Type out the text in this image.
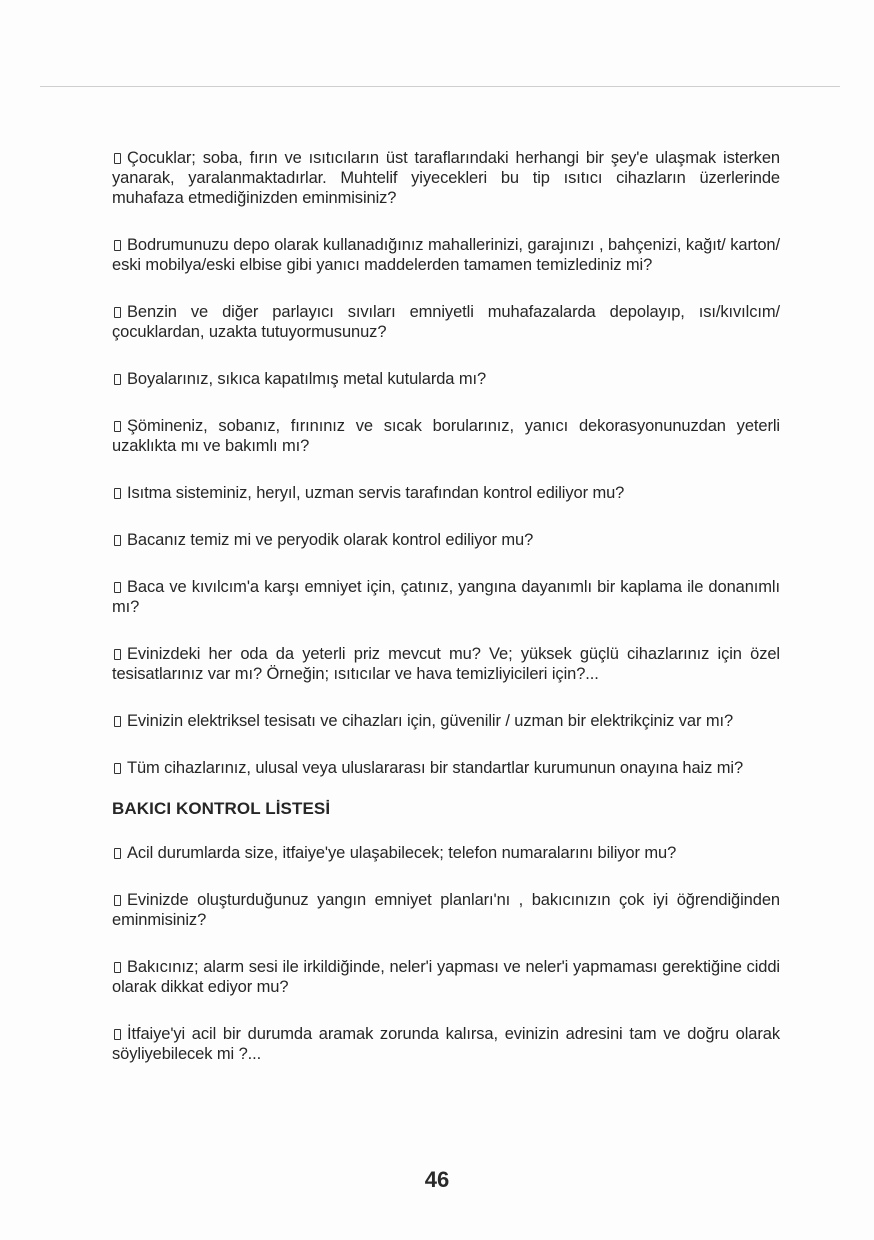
Çocuklar; soba, fırın ve ısıtıcıların üst taraflarındaki herhangi bir şey'e ulaşmak isterken yanarak, yaralanmaktadırlar. Muhtelif yiyecekleri bu tip ısıtıcı cihazların üzerlerinde muhafaza etmediğinizden eminmisiniz?
Bodrumunuzu depo olarak kullanadığınız mahallerinizi, garajınızı , bahçenizi, kağıt/ karton/ eski mobilya/eski elbise gibi yanıcı maddelerden tamamen temizlediniz mi?
Benzin ve diğer parlayıcı sıvıları emniyetli muhafazalarda depolayıp, ısı/kıvılcım/çocuklardan, uzakta tutuyormusunuz?
Boyalarınız, sıkıca kapatılmış metal kutularda mı?
Şömineniz, sobanız, fırınınız ve sıcak borularınız, yanıcı dekorasyonunuzdan yeterli uzaklıkta mı ve bakımlı mı?
Isıtma sisteminiz, heryıl, uzman servis tarafından kontrol ediliyor mu?
Bacanız temiz mi ve peryodik olarak kontrol ediliyor mu?
Baca ve kıvılcım'a karşı emniyet için, çatınız, yangına dayanımlı bir kaplama ile donanımlı mı?
Evinizdeki her oda da yeterli priz mevcut mu? Ve; yüksek güçlü cihazlarınız için özel tesisatlarınız var mı? Örneğin; ısıtıcılar ve hava temizliyicileri için?...
Evinizin elektriksel tesisatı ve cihazları için, güvenilir / uzman bir elektrikçiniz var mı?
Tüm cihazlarınız, ulusal veya uluslararası bir standartlar kurumunun onayına haiz mi?
BAKICI KONTROL LİSTESİ
Acil durumlarda size, itfaiye'ye ulaşabilecek; telefon numaralarını biliyor mu?
Evinizde oluşturduğunuz yangın emniyet planları'nı , bakıcınızın çok iyi öğrendiğinden eminmisiniz?
Bakıcınız; alarm sesi ile irkildiğinde, neler'i yapması ve neler'i yapmaması gerektiğine ciddi olarak dikkat ediyor mu?
İtfaiye'yi acil bir durumda aramak zorunda kalırsa, evinizin adresini tam ve doğru olarak söyliyebilecek mi ?...
46
